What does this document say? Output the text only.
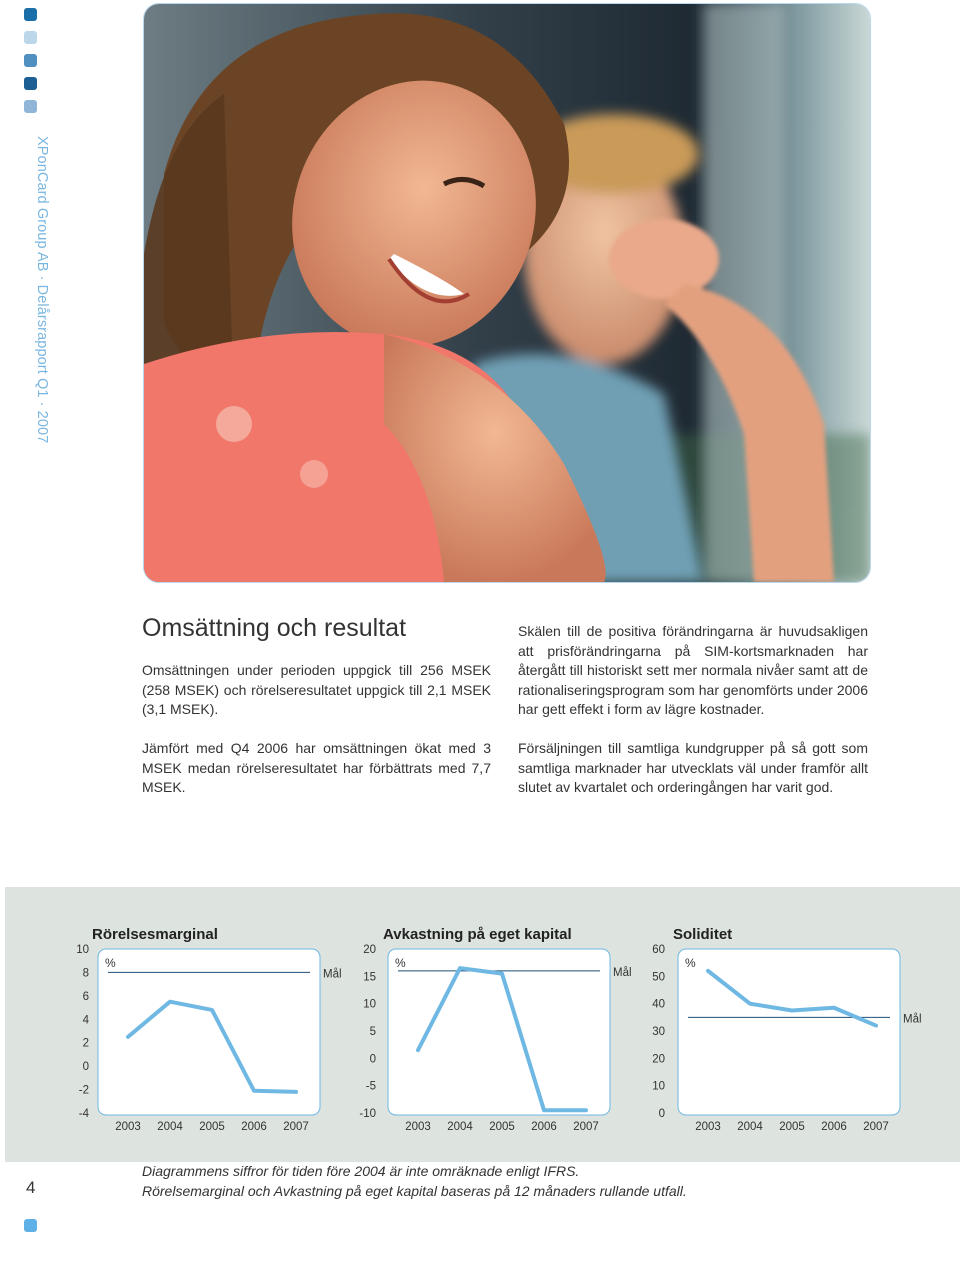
XPonCard Group AB · Delårsrapport Q1 · 2007
Omsättning och resultat

Omsättningen under perioden uppgick till 256 MSEK (258 MSEK) och rörelseresultatet uppgick till 2,1 MSEK (3,1 MSEK).

Jämfört med Q4 2006 har omsättningen ökat med 3 MSEK medan rörelseresultatet har förbättrats med 7,7 MSEK.

Skälen till de positiva förändringarna är huvudsakligen att prisförändringarna på SIM-kortsmarknaden har återgått till historiskt sett mer normala nivåer samt att de rationaliseringsprogram som har genomförts under 2006 har gett effekt i form av lägre kostnader.

Försäljningen till samtliga kundgrupper på så gott som samtliga marknader har utvecklats väl under framför allt slutet av kvartalet och orderingången har varit god.

Rörelsesmarginal
%
10
8
6
4
2
0
-2
-4
2003 2004 2005 2006 2007
Mål
Avkastning på eget kapital
%
20
15
10
5
0
-5
-10
2003 2004 2005 2006 2007
Mål
Soliditet
%
60
50
40
30
20
10
0
2003 2004 2005 2006 2007
Mål

Diagrammens siffror för tiden före 2004 är inte omräknade enligt IFRS.
Rörelsemarginal och Avkastning på eget kapital baseras på 12 månaders rullande utfall.

4
